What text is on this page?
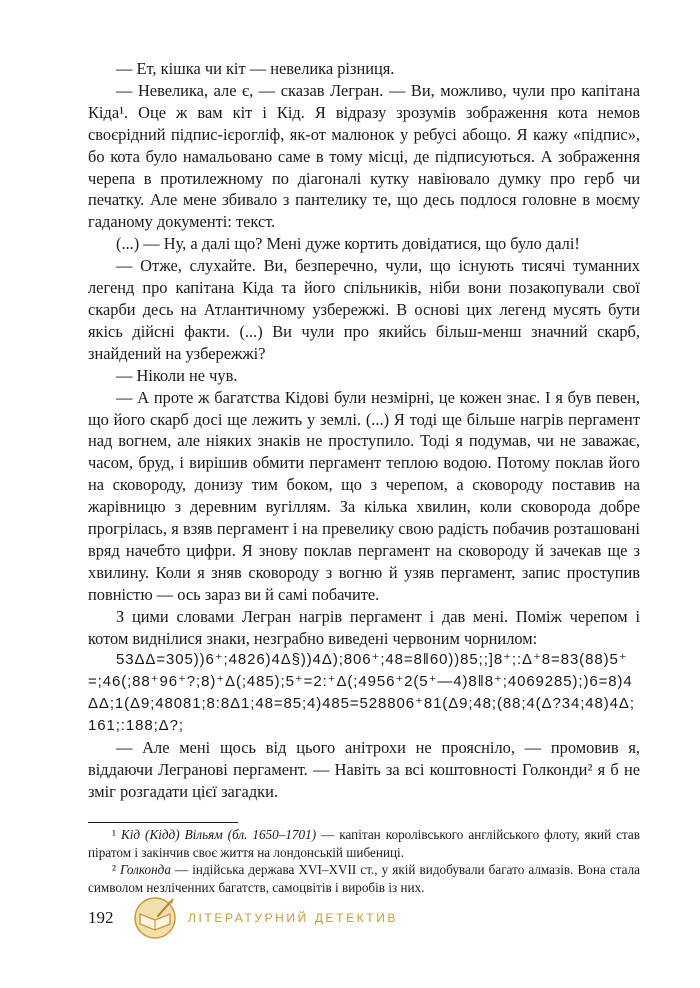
— Ет, кішка чи кіт — невелика різниця.

— Невелика, але є, — сказав Легран. — Ви, можливо, чули про капітана Кіда¹. Оце ж вам кіт і Кід. Я відразу зрозумів зображення кота немов своєрідний підпис-ієрогліф, як-от малюнок у ребусі абощо. Я кажу «підпис», бо кота було намальовано саме в тому місці, де підписуються. А зображення черепа в протилежному по діагоналі кутку навіювало думку про герб чи печатку. Але мене збивало з пантелику те, що десь подлося головне в моєму гаданому документі: текст.

(...) — Ну, а далі що? Мені дуже кортить довідатися, що було далі!

— Отже, слухайте. Ви, безперечно, чули, що існують тисячі туманних легенд про капітана Кіда та його спільників, ніби вони позакопували свої скарби десь на Атлантичному узбережжі. В основі цих легенд мусять бути якісь дійсні факти. (...) Ви чули про якийсь більш-менш значний скарб, знайдений на узбережжі?

— Ніколи не чув.

— А проте ж багатства Кідові були незмірні, це кожен знає. І я був певен, що його скарб досі ще лежить у землі. (...) Я тоді ще більше нагрів пергамент над вогнем, але ніяких знаків не проступило. Тоді я подумав, чи не заважає, часом, бруд, і вирішив обмити пергамент теплою водою. Потому поклав його на сковороду, донизу тим боком, що з черепом, а сковороду поставив на жарівницю з деревним вугіллям. За кілька хвилин, коли сковорода добре прогрілась, я взяв пергамент і на превелику свою радість побачив розташовані вряд начебто цифри. Я знову поклав пергамент на сковороду й зачекав ще з хвилину. Коли я зняв сковороду з вогню й узяв пергамент, запис проступив повністю — ось зараз ви й самі побачите.

З цими словами Легран нагрів пергамент і дав мені. Поміж черепом і котом виднілися знаки, незграбно виведені червоним чорнилом:

53ΔΔ=305))6⁺;4826)4Δ§))4Δ);806⁺;48=8‖60))85;;]8⁺;:Δ⁺8=83(88)5⁺=;46(;88⁺96⁺?;8)⁺Δ(;485);5⁺=2:⁺Δ(;4956⁺2(5⁺—4)8‖8⁺;4069285);)6=8)4ΔΔ;1(Δ9;48081;8:8Δ1;48=85;4)485=528806⁺81(Δ9;48;(88;4(Δ?34;48)4Δ;161;:188;Δ?;

— Але мені щось від цього анітрохи не прояснілo, — промовив я, віддаючи Леграновi пергамент. — Навіть за всі коштовності Голконди² я б не зміг розгадати цієї загадки.

¹ Кід (Кідд) Вільям (бл. 1650–1701) — капітан королівського англійського флоту, який став піратом і закінчив своє життя на лондонській шибениці.

² Голконда — індійська держава XVI–XVII ст., у якій видобували багато алмазів. Вона стала символом незліченних багатств, самоцвітів і виробів із них.

192	ЛІТЕРАТУРНИЙ ДЕТЕКТИВ
